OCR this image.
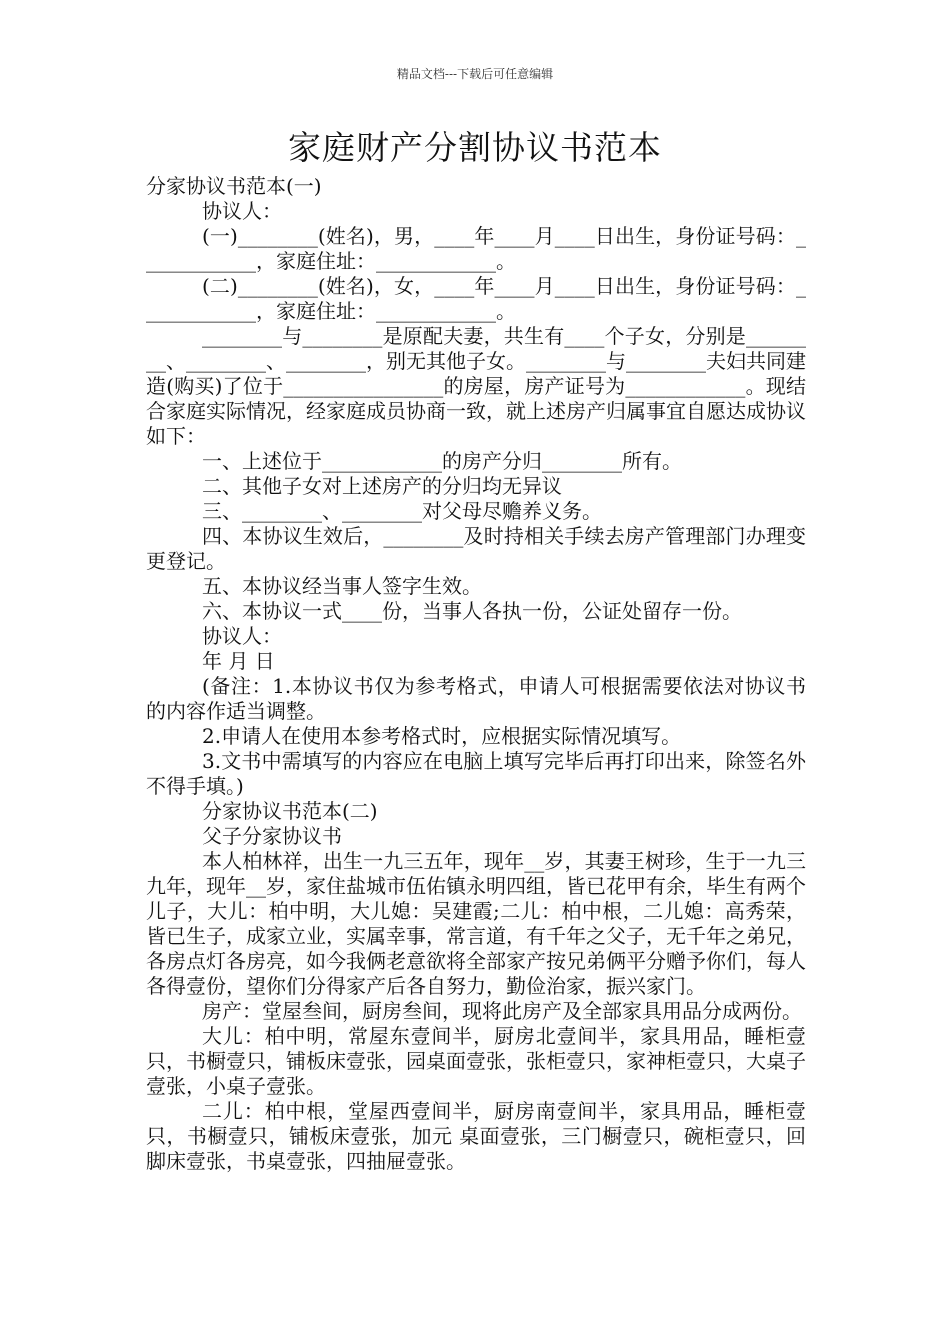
精品文档---下载后可任意编辑
家庭财产分割协议书范本

分家协议书范本(一)

协议人：

(一)________(姓名)，男，____年____月____日出生，身份证号码：____________，家庭住址：____________。

(二)________(姓名)，女，____年____月____日出生，身份证号码：____________，家庭住址：____________。

________与________是原配夫妻，共生有____个子女，分别是________、________、________，别无其他子女。________与________夫妇共同建造(购买)了位于________________的房屋，房产证号为____________。现结合家庭实际情况，经家庭成员协商一致，就上述房产归属事宜自愿达成协议如下：

一、上述位于____________的房产分归________所有。

二、其他子女对上述房产的分归均无异议

三、________、________对父母尽赡养义务。

四、本协议生效后，________及时持相关手续去房产管理部门办理变更登记。

五、本协议经当事人签字生效。

六、本协议一式____份，当事人各执一份，公证处留存一份。

协议人：

年 月 日

(备注：1.本协议书仅为参考格式，申请人可根据需要依法对协议书的内容作适当调整。

2.申请人在使用本参考格式时，应根据实际情况填写。

3.文书中需填写的内容应在电脑上填写完毕后再打印出来，除签名外不得手填。)

分家协议书范本(二)

父子分家协议书

本人柏林祥，出生一九三五年，现年__岁，其妻王树珍，生于一九三九年，现年__岁，家住盐城市伍佑镇永明四组，皆已花甲有余，毕生有两个儿子，大儿：柏中明，大儿媳：吴建霞;二儿：柏中根，二儿媳：高秀荣，皆已生子，成家立业，实属幸事，常言道，有千年之父子，无千年之弟兄，各房点灯各房亮，如今我俩老意欲将全部家产按兄弟俩平分赠予你们，每人各得壹份，望你们分得家产后各自努力，勤俭治家，振兴家门。

房产：堂屋叁间，厨房叁间，现将此房产及全部家具用品分成两份。

大儿：柏中明，常屋东壹间半，厨房北壹间半，家具用品，睡柜壹只，书橱壹只，铺板床壹张，园桌面壹张，张柜壹只，家神柜壹只，大桌子壹张，小桌子壹张。

二儿：柏中根，堂屋西壹间半，厨房南壹间半，家具用品，睡柜壹只，书橱壹只，铺板床壹张，加元 桌面壹张，三门橱壹只，碗柜壹只，回脚床壹张，书桌壹张，四抽屉壹张。
